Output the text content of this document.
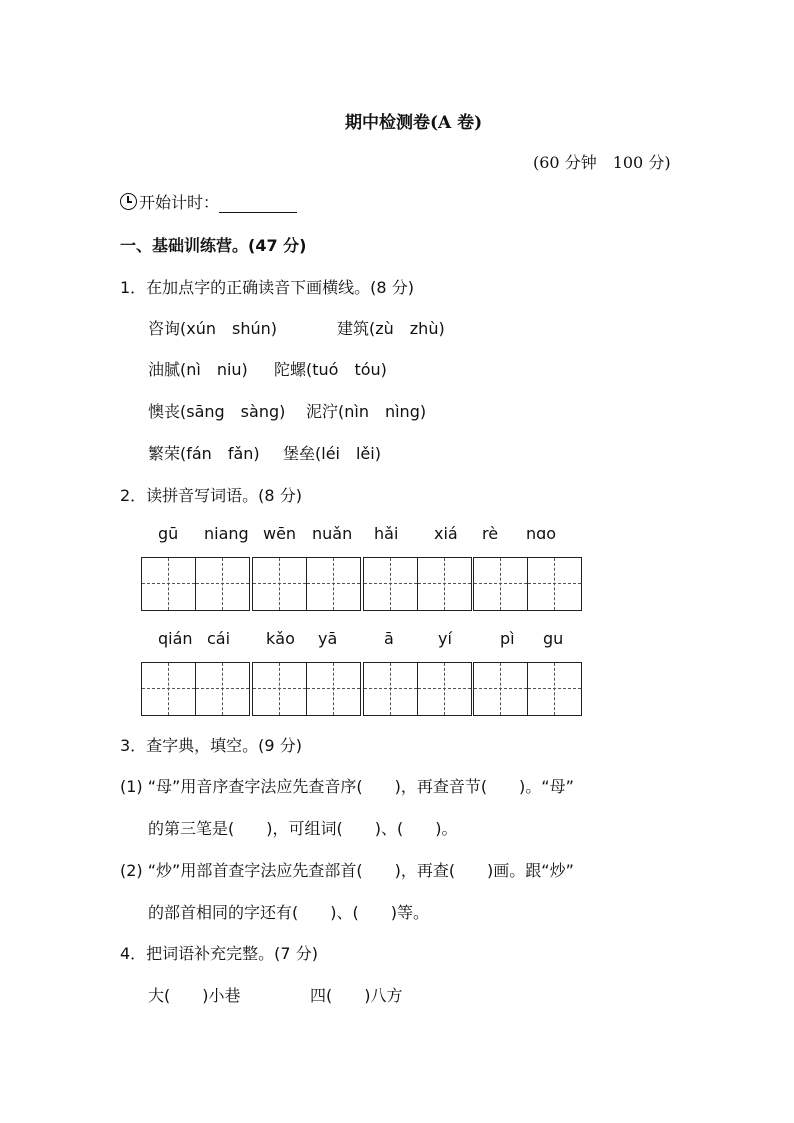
期中检测卷(A 卷)
(60 分钟　100 分)
开始计时：
一、基础训练营。(47 分)
1．在加点字的正确读音下画横线。(8 分)
咨询(xún　shún)	建筑(zù　zhù)
油腻(nì　niu) 陀螺(tuó　tóu)
懊丧(sāng　sàng) 泥泞(nìn　nìng)
繁荣(fán　fǎn) 堡垒(léi　lěi)
2．读拼音写词语。(8 分)
gū niang wēn nuǎn hǎi xiá rè nɑo
qián cái kǎo yā	ā	yí	pì gu
3．查字典，填空。(9 分)
(1) “母”用音序查字法应先查音序(　　)，再查音节(　　)。“母”
的第三笔是(　　)，可组词(　　)、(　　)。
(2) “炒”用部首查字法应先查部首(　　)，再查(　　)画。跟“炒”
的部首相同的字还有(　　)、(　　)等。
4．把词语补充完整。(7 分)
大(　　)小巷	四(　　)八方
